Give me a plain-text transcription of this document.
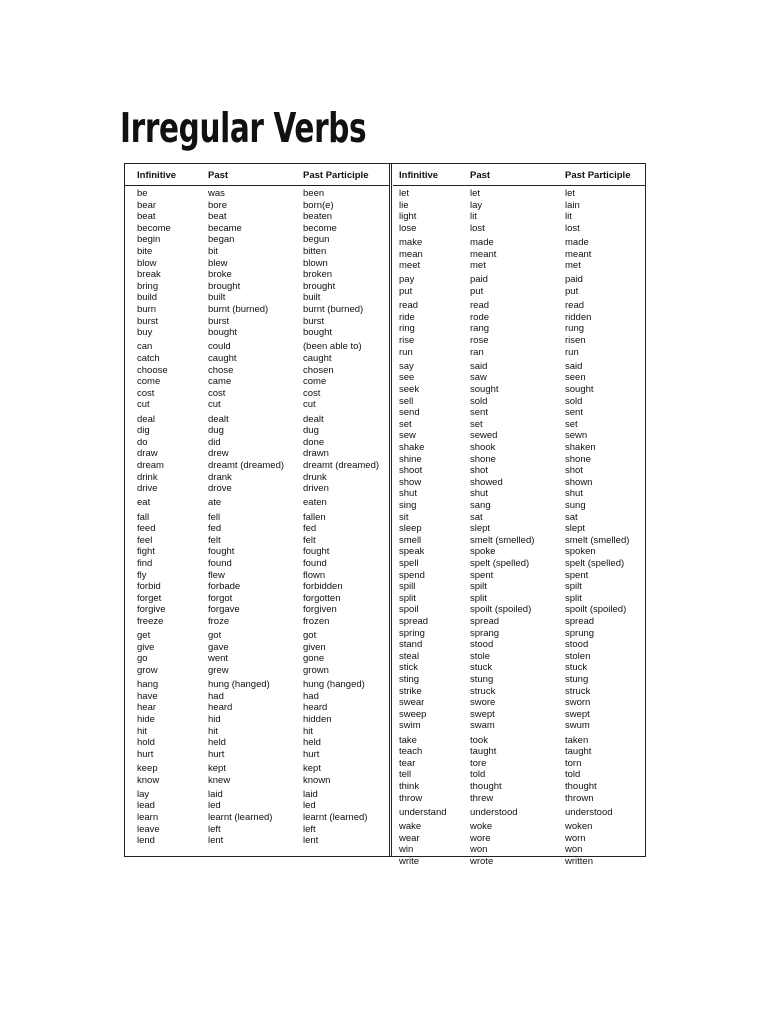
Irregular Verbs
Infinitive	Past	Past Participle
be	was	been
bear	bore	born(e)
beat	beat	beaten
become	became	become
begin	began	begun
bite	bit	bitten
blow	blew	blown
break	broke	broken
bring	brought	brought
build	built	built
burn	burnt (burned)	burnt (burned)
burst	burst	burst
buy	bought	bought
can	could	(been able to)
catch	caught	caught
choose	chose	chosen
come	came	come
cost	cost	cost
cut	cut	cut
deal	dealt	dealt
dig	dug	dug
do	did	done
draw	drew	drawn
dream	dreamt (dreamed) dreamt (dreamed)
drink	drank	drunk
drive	drove	driven
eat	ate	eaten
fall	fell	fallen
feed	fed	fed
feel	felt	felt
fight	fought	fought
find	found	found
fly	flew	flown
forbid	forbade	forbidden
forget	forgot	forgotten
forgive	forgave	forgiven
freeze	froze	frozen
get	got	got
give	gave	given
go	went	gone
grow	grew	grown
hang	hung (hanged)	hung (hanged)
have	had	had
hear	heard	heard
hide	hid	hidden
hit	hit	hit
hold	held	held
hurt	hurt	hurt
keep	kept	kept
know	knew	known
lay	laid	laid
lead	led	led
learn	learnt (learned)	learnt (learned)
leave	left	left
lend	lent	lent
Infinitive	Past	Past Participle
let	let	let
lie	lay	lain
light	lit	lit
lose	lost	lost
make	made	made
mean	meant	meant
meet	met	met
pay	paid	paid
put	put	put
read	read	read
ride	rode	ridden
ring	rang	rung
rise	rose	risen
run	ran	run
say	said	said
see	saw	seen
seek	sought	sought
sell	sold	sold
send	sent	sent
set	set	set
sew	sewed	sewn
shake	shook	shaken
shine	shone	shone
shoot	shot	shot
show	showed	shown
shut	shut	shut
sing	sang	sung
sit	sat	sat
sleep	slept	slept
smell	smelt (smelled)	smelt (smelled)
speak	spoke	spoken
spell	spelt (spelled)	spelt (spelled)
spend	spent	spent
spill	spilt	spilt
split	split	split
spoil	spoilt (spoiled)	spoilt (spoiled)
spread	spread	spread
spring	sprang	sprung
stand	stood	stood
steal	stole	stolen
stick	stuck	stuck
sting	stung	stung
strike	struck	struck
swear	swore	sworn
sweep	swept	swept
swim	swam	swum
take	took	taken
teach	taught	taught
tear	tore	torn
tell	told	told
think	thought	thought
throw	threw	thrown
understand understood	understood
wake	woke	woken
wear	wore	worn
win	won	won
write	wrote	written
